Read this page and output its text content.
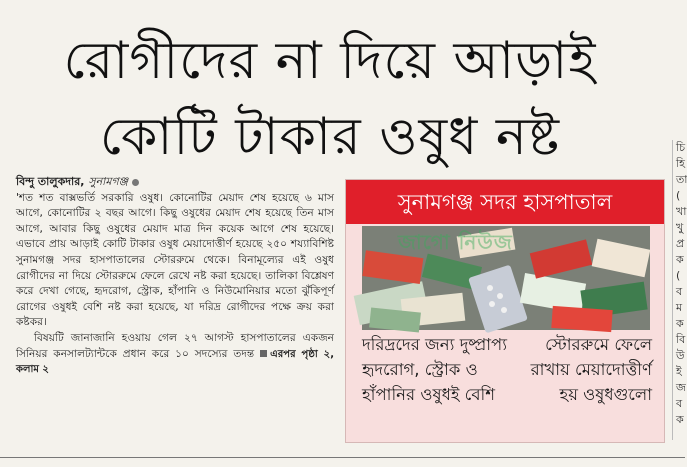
রোগীদের না দিয়ে আড়াই
কোটি টাকার ওষুধ নষ্ট
বিন্দু তালুকদার, সুনামগঞ্জ

'শত শত বাক্সভর্তি সরকারি ওষুধ। কোনোটির মেয়াদ শেষ হয়েছে ৬ মাস আগে, কোনোটির ২ বছর আগে। কিছু ওষুধের মেয়াদ শেষ হয়েছে তিন মাস আগে, আবার কিছু ওষুধের মেয়াদ মাত্র দিন কয়েক আগে শেষ হয়েছে। এভাবে প্রায় আড়াই কোটি টাকার ওষুধ মেয়াদোত্তীর্ণ হয়েছে ২৫০ শয্যাবিশিষ্ট সুনামগঞ্জ সদর হাসপাতালের স্টোররুমে থেকে। বিনামূল্যের এই ওষুধ রোগীদের না দিয়ে স্টোররুমে ফেলে রেখে নষ্ট করা হয়েছে। তালিকা বিশ্লেষণ করে দেখা গেছে, হৃদরোগ, স্ট্রোক, হাঁপানি ও নিউমোনিয়ার মতো ঝুঁকিপূর্ণ রোগের ওষুধই বেশি নষ্ট করা হয়েছে, যা দরিদ্র রোগীদের পক্ষে ক্রয় করা কষ্টকর।

বিষয়টি জানাজানি হওয়ায় গেল ২৭ আগস্ট হাসপাতালের একজন সিনিয়র কনসালট্যান্টকে প্রধান করে ১০ সদস্যের তদন্ত এরপর পৃষ্ঠা ২, কলাম ২

সুনামগঞ্জ সদর হাসপাতাল
জাগো নিউজ
দরিদ্রদের জন্য দুষ্প্রাপ্য হৃদরোগ, স্ট্রোক ও হাঁপানির ওষুধই বেশি
স্টোররুমে ফেলে রাখায় মেয়াদোত্তীর্ণ হয় ওষুধগুলো
চি
হি
তা
(
খা
খু
প্র
ক
(
ব
ম
ক
বি
উ
ই
জ
ব
ক
